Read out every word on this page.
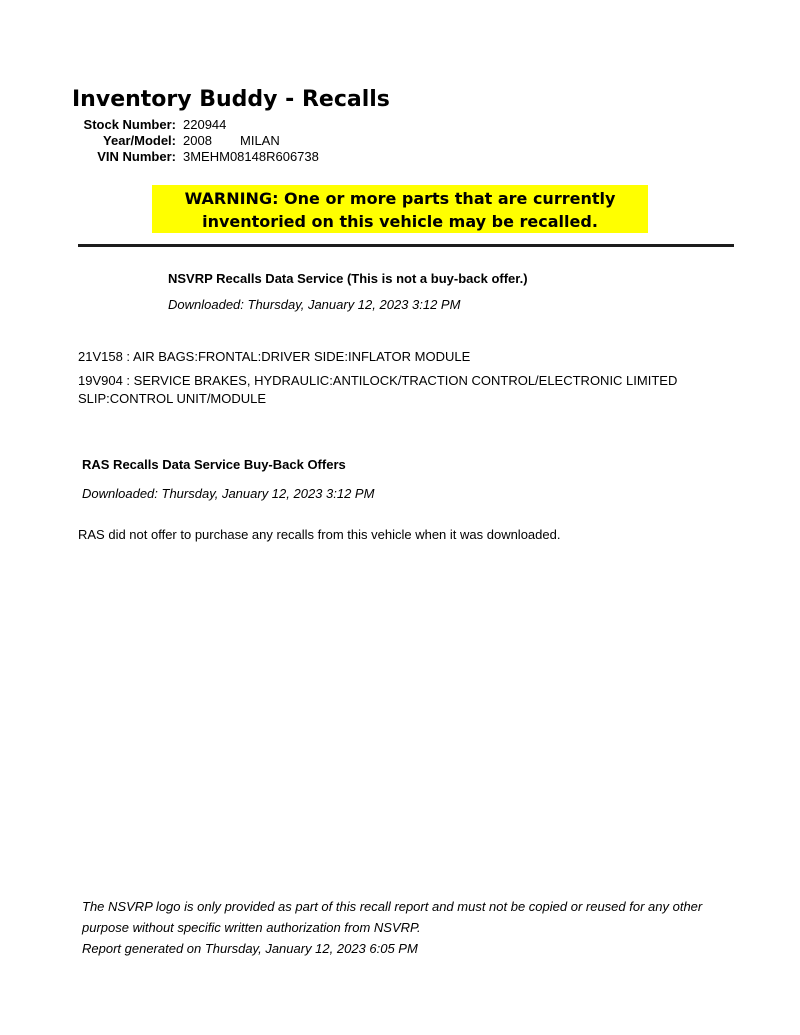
Inventory Buddy - Recalls
Stock Number: 220944
Year/Model: 2008	MILAN
VIN Number: 3MEHM08148R606738
WARNING: One or more parts that are currently
inventoried on this vehicle may be recalled.
NSVRP Recalls Data Service (This is not a buy-back offer.)
Downloaded: Thursday, January 12, 2023 3:12 PM
21V158 : AIR BAGS:FRONTAL:DRIVER SIDE:INFLATOR MODULE
19V904 : SERVICE BRAKES, HYDRAULIC:ANTILOCK/TRACTION CONTROL/ELECTRONIC LIMITED SLIP:CONTROL UNIT/MODULE
RAS Recalls Data Service Buy-Back Offers
Downloaded: Thursday, January 12, 2023 3:12 PM
RAS did not offer to purchase any recalls from this vehicle when it was downloaded.
The NSVRP logo is only provided as part of this recall report and must not be copied or reused for any other purpose without specific written authorization from NSVRP.
Report generated on Thursday, January 12, 2023 6:05 PM
